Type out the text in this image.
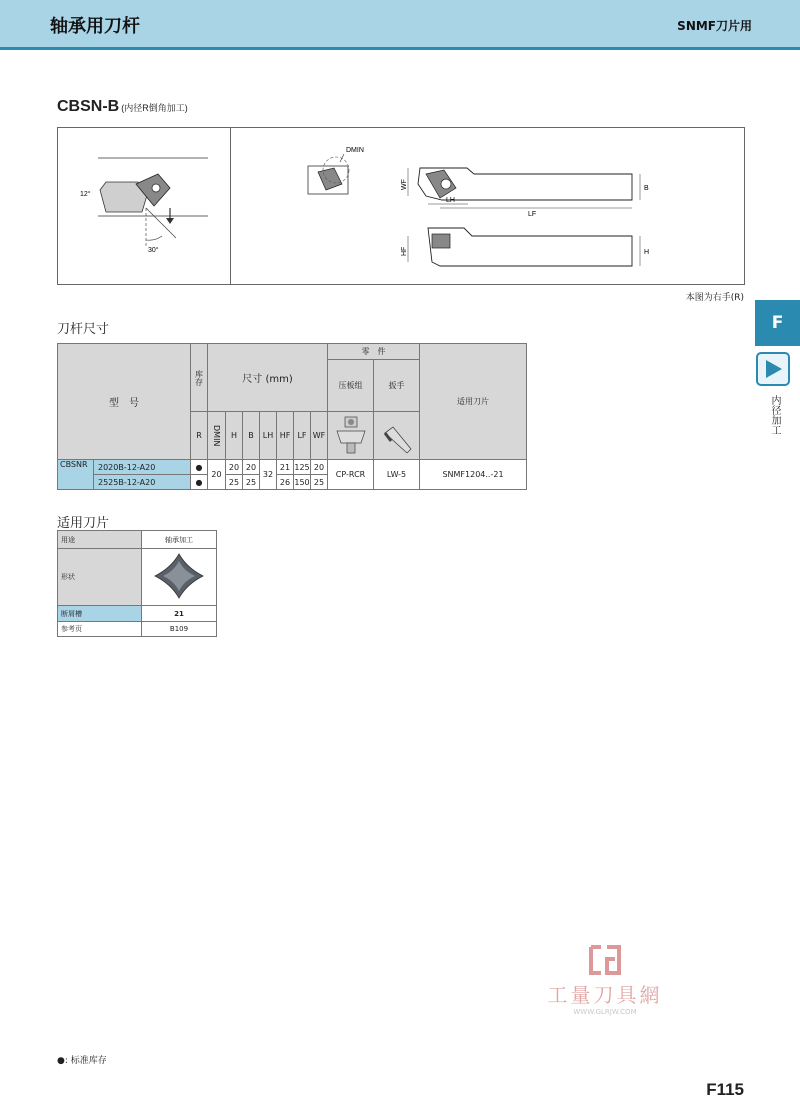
轴承用刀杆	SNMF刀片用
CBSN-B (内径R倒角加工)
12°
30°
DMIN
LH
LF
WF	B
HF	H
本图为右手(R)
F
内径加工
刀杆尺寸
型　号		库存	尺寸 (mm)							零　件		适用刀片
										压板组	扳手	
		R	DMIN	H	B	LH	HF	LF	WF		
CBSNR	2020B-12-A20	●	20	20	20	32	21	125	20	CP-RCR	LW-5	SNMF1204..-21
	2525B-12-A20	●		25	25		26	150	25			
适用刀片
用途	轴承加工
形状	
断屑槽	21
参考页	B109
工量刀具網
WWW.GLRJW.COM
●: 标准库存
F115
